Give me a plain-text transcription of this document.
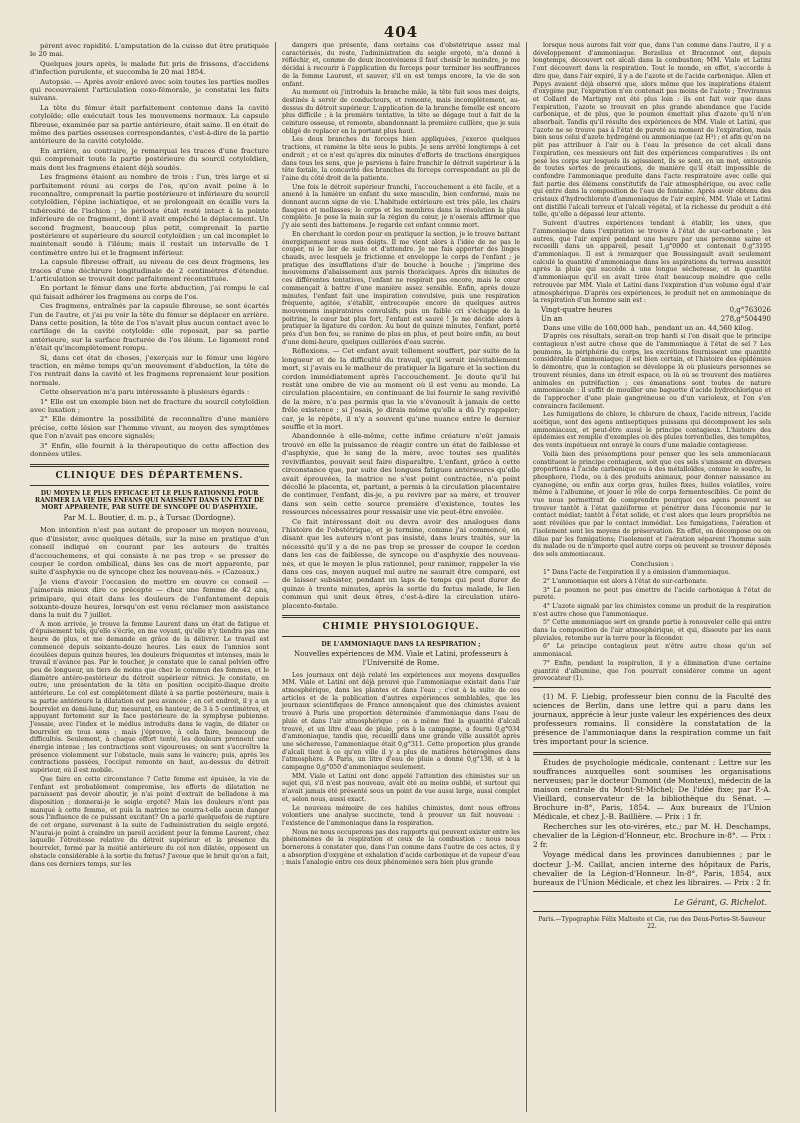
404

pérent avec rapidité. L'amputation de la cuisse dut être pratiquée le 20 mai.

Quelques jours après, le malade fut pris de frissons, d'accidens d'infection purulente, et succomba le 20 mai 1854.

Autopsie. — Après avoir enlevé avec soin toutes les parties molles qui recouvraient l'articulation coxo-fémorale, je constatai les faits suivans.

La tête du fémur était parfaitement contenue dans la cavité cotyloïde; elle exécutait tous les mouvemens normaux. La capsule fibreuse, examinée par sa partie antérieure, était saine. Il en était de même des parties osseuses correspondantes, c'est-à-dire de la partie antérieure de la cavité cotyloïde.

En arrière, au contraire, je remarquai les traces d'une fracture qui comprenait toute la partie postérieure du sourcil cotyloïdien, mais dont les fragmens étaient déjà soudés.

Les fragmens étaient au nombre de trois : l'un, très large et si parfaitement réuni au corps de l'os, qu'on avait peine à le reconnaître, comprenait la partie postérieure et inférieure du sourcil cotyloïdien, l'épine ischiatique, et se prolongeait en écaille vers la tubérosité de l'ischion ; le périoste était resté intact à la pointe inférieure de ce fragment, dont il avait empêché le déplacement. Un second fragment, beaucoup plus petit, comprenait la partie postérieure et supérieure du sourcil cotyloïdien ; un cal incomplet le maintenait soudé à l'iléum; mais il restait un intervalle de 1 centimètre entre lui et le fragment inférieur.

La capsule fibreuse offrait, au niveau de ces deux fragmens, les traces d'une déchirure longitudinale de 2 centimètres d'étendue. L'articulation se trouvait donc parfaitement reconstituée.

En portant le fémur dans une forte abduction, j'ai rompu le cal qui faisait adhérer les fragmens au corps de l'os.

Ces fragmens, entraînés par la capsule fibreuse, se sont écartés l'un de l'autre, et j'ai pu voir la tête du fémur se déplacer en arrière. Dans cette position, la tête de l'os n'avait plus aucun contact avec le cartilage de la cavité cotyloïde: elle reposait, par sa partie antérieure, sur la surface fracturée de l'os iléum. Le ligament rond n'était qu'incomplètement rompu.

Si, dans cet état de choses, j'exerçais sur le fémur une légère traction, en même temps qu'un mouvement d'abduction, la tête de l'os rentrait dans la cavité et les fragmens reprenaient leur position normale.

Cette observation m'a paru intéressante à plusieurs égards :

1° Elle est un exemple bien net de fracture du sourcil cotyloïdien avec luxation ;

2° Elle démontre la possibilité de reconnaître d'une manière précise, cette lésion sur l'homme vivant, au moyen des symptômes que l'on n'avait pas encore signalés;

3° Enfin, elle fournit à la thérapeutique de cette affection des données utiles.

CLINIQUE DES DÉPARTEMENS.
DU MOYEN LE PLUS EFFICACE ET LE PLUS RATIONNEL POUR RANIMER LA VIE DES ENFANS QUI NAISSENT DANS UN ÉTAT DE MORT APPARENTE, PAR SUITE DE SYNCOPE OU D'ASPHYXIE.
Par M. L. Boutier, d. m. p., à Tursac (Dordogne).

Mon intention n'est pas autant de proposer un moyen nouveau, que d'insister, avec quelques détails, sur la mise en pratique d'un conseil indiqué en courant par les auteurs de traités d'accouchemens, et qui consiste à ne pas trop « se presser de couper le cordon ombilical, dans les cas de mort apparente, par suite d'asphyxie ou de syncope chez les nouveau-nés. » (Cazeaux.)

Je viens d'avoir l'occasion de mettre en œuvre ce conseil — j'aimerais mieux dire ce précepte — chez une femme de 42 ans, primipare, qui était dans les douleurs de l'enfantement depuis soixante-douze heures, lorsqu'on est venu réclamer mon assistance dans la nuit du 7 juillet.

A mon arrivée, je trouve la femme Laurent dans un état de fatigue et d'épuisement tels, qu'elle s'écrie, en me voyant, qu'elle n'y tiendra pas une heure de plus, et me demande en grâce de la délivrer. Le travail est commencé depuis soixante-douze heures. Les eaux de l'amnios sont écoulées depuis quinze heures, les douleurs fréquentes et intenses, mais le travail n'avance pas. Par le toucher, je constate que le canal pelvien offre peu de longueur, un tiers de moins que chez le commun des femmes, et le diamètre antéro-postérieur du détroit supérieur rétréci. Je constate, en outre, une présentation de la tête en position occipito-iliaque droite antérieure. Le col est complètement dilaté à sa partie postérieure, mais à sa partie antérieure la dilatation est peu avancée ; en cet endroit, il y a un bourrelet en demi-lune, dur, mesurant, en hauteur, de 3 à 5 centimètres, et appuyant fortement sur la face postérieure de la symphyse pubienne. J'essaie, avec l'index et le médius introduits dans le vagin, de dilater ce bourrelet en tous sens ; mais j'éprouve, à cela faire, beaucoup de difficultés. Seulement, à chaque effort tenté, les douleurs prennent une énergie intense ; les contractions sont vigoureuses; on sent s'accroître la présence violemment sur l'obstacle, mais sans le vaincre; puis, après les contractions passées, l'occiput remonte en haut, au-dessus du détroit supérieur, où il est mobile.

Que faire en cette circonstance ? Cette femme est épuisée, la vie de l'enfant est probablement compromise, les efforts de dilatation ne paraissent pas devoir aboutir, je n'ai point d'extrait de belladone à ma disposition ; donnerai-je le seigle ergoté? Mais les douleurs n'ont pas manqué à cette femme, et puis la matrice ne courra-t-elle aucun danger sous l'influence de ce puissant excitant? On a parlé quelquefois de rupture de cet organe, survenant à la suite de l'administration du seigle ergoté. N'aurai-je point à craindre un pareil accident pour la femme Laurent, chez laquelle l'étroitesse relative du détroit supérieur et la présence du bourrelet, formé par la moitié antérieure du col non dilatée, opposent un obstacle considérable à la sortie du fœtus? J'avoue que le bruit qu'on a fait, dans ces derniers temps, sur les

dangers que présente, dans certains cas d'obstétrique assez mal caractérisés, du reste, l'administration du seigle ergoté, m'a donné à réfléchir, et, comme de deux inconvéniens il faut choisir le moindre, je me décidai à recourir à l'application du forceps pour terminer les souffrances de la femme Laurent, et sauver, s'il en est temps encore, la vie de son enfant.

Au moment où j'introduis la branche mâle, la tête fuit sous mes doigts, destinés à servir de conducteurs, et remonte, mais incomplètement, au-dessus du détroit supérieur. L'application de la branche femelle est encore plus difficile ; à la première tentative, la tête se dégage tout à fait de la ceinture osseuse, et remonte, abandonnant la première cuillère, que je suis obligé de replacer en la portant plus haut.

Les deux branches du forceps bien appliquées, j'exerce quelques tractions, et ramène la tête sous le pubis. Je sens arrêté longtemps à cet endroit ; et ce n'est qu'après dix minutes d'efforts de tractions énergiques dans tous les sens, que je parviens à faire franchir le détroit supérieur à la tête fœtale, la concavité des branches du forceps correspondant au pli de l'aine du côté droit de la patiente.

Une fois le détroit supérieur franchi, l'accouchement a été facile, et a amené à la lumière un enfant du sexe masculin, bien conformé, mais ne donnant aucun signe de vie. L'habitude extérieure est très pâle, les chairs flasques et mollasses; le corps et les membres dans la résolution la plus complète. Je pose la main sur la région du cœur, je n'oserais affirmer que j'y aie senti des battemens. Je regarde cet enfant comme mort.

En cherchant le cordon pour en pratiquer la section, je le trouve battant énergiquement sous mes doigts. Il me vient alors à l'idée de ne pas le couper, ni le lier de suite et d'attendre. Je me fais apporter des linges chauds, avec lesquels je frictionne et enveloppe le corps de l'enfant ; je pratique des insufflations d'air de bouche à bouche ; j'imprime des mouvemens d'abaissement aux parois thoraciques. Après dix minutes de ces différentes tentatives, l'enfant ne respirait pas encore, mais le cœur commençait à battre d'une manière assez sensible. Enfin, après douze minutes, l'enfant fait une inspiration convulsive, puis une respiration fréquente, agitée, s'établit, entrecoupée encore de quelques autres mouvemens inspiratoires convulsifs; puis un faible cri s'échappe de la poitrine, le cœur bat plus fort, l'enfant est sauvé ! Je me décide alors à pratiquer la ligature du cordon. Au bout de quinze minutes, l'enfant, porté près d'un bon feu, se ranime de plus en plus, et peut boire enfin, au bout d'une demi-heure, quelques cuillerées d'eau sucrée.

Réflexions. — Cet enfant avait tellement souffert, par suite de la longueur et de la difficulté du travail, qu'il serait inévitablement mort, si j'avais eu le malheur de pratiquer la ligature et la section du cordon immédiatement après l'accouchement. Je doute qu'il lui restât une ombre de vie au moment où il est venu au monde. La circulation placentaire, en continuant de lui fournir le sang revivifié de la mère, n'a pas permis que la vie s'évanouît à jamais de cette frêle existence ; si j'osais, je dirais même qu'elle a dû l'y rappeler; car, je le répète, il n'y a souvent qu'une nuance entre le dernier souffle et la mort.

Abandonnée à elle-même, cette infime créature n'eût jamais trouvé en elle la puissance de réagir contre un état de faiblesse et d'asphyxie, que le sang de la mère, avec toutes ses qualités revivifiantes, pouvait seul faire disparaître. L'enfant, grâce à cette circonstance que, par suite des longues fatigues antérieures qu'elle avait éprouvées, la matrice ne s'est point contractée, n'a point décollé le placenta, et, partant, a permis à la circulation placentaire de continuer, l'enfant, dis-je, a pu revivre par sa mère, et trouver dans son sein cette source première d'existence, toutes les ressources nécessaires pour ressaisir une vie peut-être envolée.

Ce fait intéressant doit ou devra avoir des analogues dans l'histoire de l'obstétrique, et je termine, comme j'ai commencé, en disant que les auteurs n'ont pas insisté, dans leurs traités, sur la nécessité qu'il y a de ne pas trop se presser de couper le cordon dans les cas de faiblesse, de syncope ou d'asphyxie des nouveau-nés, et que le moyen le plus rationnel, pour ranimer, rappeler la vie dans ces cas, moyen auquel nul autre ne saurait être comparé, est de laisser subsister, pendant un laps de temps qui peut durer de quinze à trente minutes, après la sortie du fœtus malade, le lien commun qui unit deux êtres, c'est-à-dire la circulation utéro-placento-fœtale.

CHIMIE PHYSIOLOGIQUE.
DE L'AMMONIAQUE DANS LA RESPIRATION ;
Nouvelles expériences de MM. Viale et Latini, professeurs à l'Université de Rome.

Les journaux ont déjà relaté les expériences aux moyens desquelles MM. Viale et Latini ont déjà prouvé que l'ammoniaque existait dans l'air atmosphérique, dans les plantes et dans l'eau ; c'est à la suite de ces articles et de la publication d'autres expériences semblables, que les journaux scientifiques de France annonçaient que des chimistes avaient trouvé à Paris une proportion déterminée d'ammoniaque dans l'eau de pluie et dans l'air atmosphérique ; on a même fixé la quantité d'alcali trouvé, et un litre d'eau de pluie, pris à la campagne, a fourni 0,g°034 d'ammoniaque, tandis que, recueilli dans une grande ville aussitôt après une sécheresse, l'ammoniaque était 0,g°311. Cette proportion plus grande d'alcali tient à ce qu'en ville il y a plus de matières hétérogènes dans l'atmosphère. A Paris, un litre d'eau de pluie a donné 0,g°138, et à la campagne 0,g°050 d'ammoniaque seulement.

MM. Viale et Latini ont donc appelé l'attention des chimistes sur un sujet qui, s'il n'est pas nouveau, avait été au moins oublié, et surtout qui n'avait jamais été présenté sous un point de vue aussi large, aussi complet et, selon nous, aussi exact.

Le nouveau mémoire de ces habiles chimistes, dont nous offrons volontiers une analyse succincte, tend à prouver un fait nouveau : l'existence de l'ammoniaque dans la respiration.

Nous ne nous occuperons pas des rapports qui peuvent exister entre les phénomènes de la respiration et ceux de la combustion : nous nous bornerons à constater que, dans l'un comme dans l'autre de ces actes, il y a absorption d'oxygène et exhalation d'acide carbonique et de vapeur d'eau ; mais l'analogie entre ces deux phénomènes sera bien plus grande

lorsque nous aurons fait voir que, dans l'un comme dans l'autre, il y a développement d'ammoniaque. Berzelius et Braconnot ont, depuis longtemps, découvert cet alcali dans la combustion; MM. Viale et Latini l'ont découvert dans la respiration. Tout le monde, en effet, s'accorde à dire que, dans l'air expiré, il y a de l'azote et de l'acide carbonique. Allen et Pepys avaient déjà observé que, alors même que les inspirations étaient d'oxygène pur, l'expiration n'en contenait pas moins de l'azote ; Treviranus et Collard de Martigny ont été plus loin : ils ont fait voir que dans l'expiration, l'azote se trouvait en plus grande abondance que l'acide carbonique, et de plus, que le poumon émettait plus d'azote qu'il n'en absorbait. Tandis qu'il résulte des expériences de MM. Viale et Latini, que l'azote ne se trouve pas à l'état de pureté au moment de l'expiration, mais bien sous celui d'azote hydrogéné ou ammoniaque (az H³) ; et afin qu'on ne pût pas attribuer à l'air ou à l'eau la présence de cet alcali dans l'expiration, ces messieurs ont fait des expériences comparatives : ils ont pesé les corps sur lesquels ils agissaient, ils se sont, en un mot, entourés de toutes sortes de précautions, de manière qu'il était impossible de confondre l'ammoniaque produite dans l'acte respiratoire avec celle qui fait partie des élémens constitutifs de l'air atmosphérique, ou avec celle qui entre dans la composition de l'eau de fontaine. Après avoir obtenu des cristaux d'hydrochlorate d'ammoniaque de l'air expiré, MM. Viale et Latini ont distillé l'alcali terreux et l'alcali végétal, et la richesse du produit a été telle, qu'elle a dépassé leur attente.

Suivent d'autres expériences tendant à établir, les unes, que l'ammoniaque dans l'expiration se trouve à l'état de sur-carbonate ; les autres, que l'air expiré pendant une heure par une personne saine et recueilli dans un appareil, pesait 1,g°0000 et contenait 0,g°3195 d'ammoniaque. Il est à remarquer que Boussingault avait seulement calculé la quantité d'ammoniaque dans les aspirations du terreau aussitôt après la pluie qui succède à une longue sécheresse, et la quantité d'ammoniaque qu'il en avait tirée était beaucoup moindre que celle retrouvée par MM. Viale et Latini dans l'expiration d'un volume égal d'air atmosphérique. D'après ces expériences, le produit net en ammoniaque de la respiration d'un homme sain est :

Vingt-quatre heures	0,g°763026
Un an	278,g°504490

Dans une ville de 160,000 hab., pendant un an. 44,560 kilog.

D'après ces résultats, serait-on trop hardi si l'on disait que le principe contagieux n'est autre chose que de l'ammoniaque à l'état de sel ? Les poumons, la périphérie du corps, les excrétions fournissent une quantité considérable d'ammoniaque; il est bien certain, et l'histoire des épidémies le démontre, que la contagion se développe là où plusieurs personnes se trouvent réunies, dans un étroit espace, où là où se trouvent des matières animales en putréfaction ; ces émanations sont toutes de nature ammoniacale : il suffit de mouiller une baguette d'acide hydrochlorique et de l'approcher d'une plaie gangréneuse ou d'un varioleux, et l'on s'en convaincra facilement.

Les fumigations de chlore, le chlorure de chaux, l'acide nitreux, l'acide acétique, sont des agens antiseptiques puissans qui décomposent les sels ammoniacaux, et peut-être aussi le principe contagieux. L'histoire des épidémies est remplie d'exemples où des pluies torrentielles, des tempêtes, des vents impétueux ont enrayé le cours d'une maladie contagieuse.

Voilà bien des présomptions pour penser que les sels ammoniacaux constituent le principe contagieux, soit que ces sels s'unissent en diverses proportions à l'acide carbonique ou à des métalloïdes, comme le soufre, le phosphore, l'iode, ou à des produits animaux, pour donner naissance au cyanogène, ou enfin aux corps gras, huiles fixes, huiles volatiles, voire même à l'albumine, et jouer le rôle de corps fermentescibles. Ce point de vue nous permettrait de comprendre pourquoi ces agens peuvent se trouver tantôt à l'état gazéiforme et pénétrer dans l'économie par le contact médiat; tantôt à l'état solide, et c'est alors que leurs propriétés ne sont révélées que par le contact immédiat. Les fumigations, l'aération et l'isolement sont les moyens de préservation. En effet, on décompose ou on dilue par les fumigations; l'isolement et l'aération séparent l'homme sain du malade ou de n'importe quel autre corps où peuvent se trouver déposés des sels ammoniacaux.

Conclusion :

1° Dans l'acte de l'expiration il y a émission d'ammoniaque.

2° L'ammoniaque est alors à l'état de sur-carbonate.

3° Le poumon ne peut pas émettre de l'acide carbonique à l'état de pureté.

4° L'azote signalé par les chimistes comme un produit de la respiration n'est autre chose que l'ammoniaque.

5° Cette ammoniaque sert en grande partie à renouveler celle qui entre dans la composition de l'air atmosphérique, et qui, dissoute par les eaux pluviales, retombe sur la terre pour la féconder.

6° Le principe contagieux peut n'être autre chose qu'un sel ammoniacal.

7° Enfin, pendant la respiration, il y a élimination d'une certaine quantité d'albumine, que l'on pourrait considérer comme un agent provocateur (1).

(1) M. F. Liebig, professeur bien connu de la Faculté des sciences de Berlin, dans une lettre qui a paru dans les journaux, apprécie à leur juste valeur les expériences des deux professeurs romains. Il considère la constatation de la présence de l'ammoniaque dans la respiration comme un fait très important pour la science.

Études de psychologie médicale, contenant : Lettre sur les souffrances auxquelles sont soumises les organisations nerveuses; par le docteur Dumont (de Monteux), médecin de la maison centrale du Mont-St-Michel; De l'idée fixe; par P.-A. Vieillard, conservateur de la bibliothèque du Sénat. — Brochure in-8°, Paris, 1854. — Aux bureaux de l'Union Médicale, et chez J.-B. Baillière. — Prix : 1 fr.

Recherches sur les oto-viréres, etc.; par M. H. Deschamps, chevalier de la Légion-d'Honneur, etc. Brochure in-8°. — Prix : 2 fr.

Voyage médical dans les provinces danubiennes ; par le docteur J.-M. Caillat, ancien interne des hôpitaux de Paris, chevalier de la Légion-d'Honneur. In-8°, Paris, 1854, aux bureaux de l'Union Médicale, et chez les libraires. — Prix : 2 fr.

Le Gérant, G. Richelot.
Paris.—Typographie Félix Malteste et Cie, rue des Deux-Portes-St-Sauveur 22.
